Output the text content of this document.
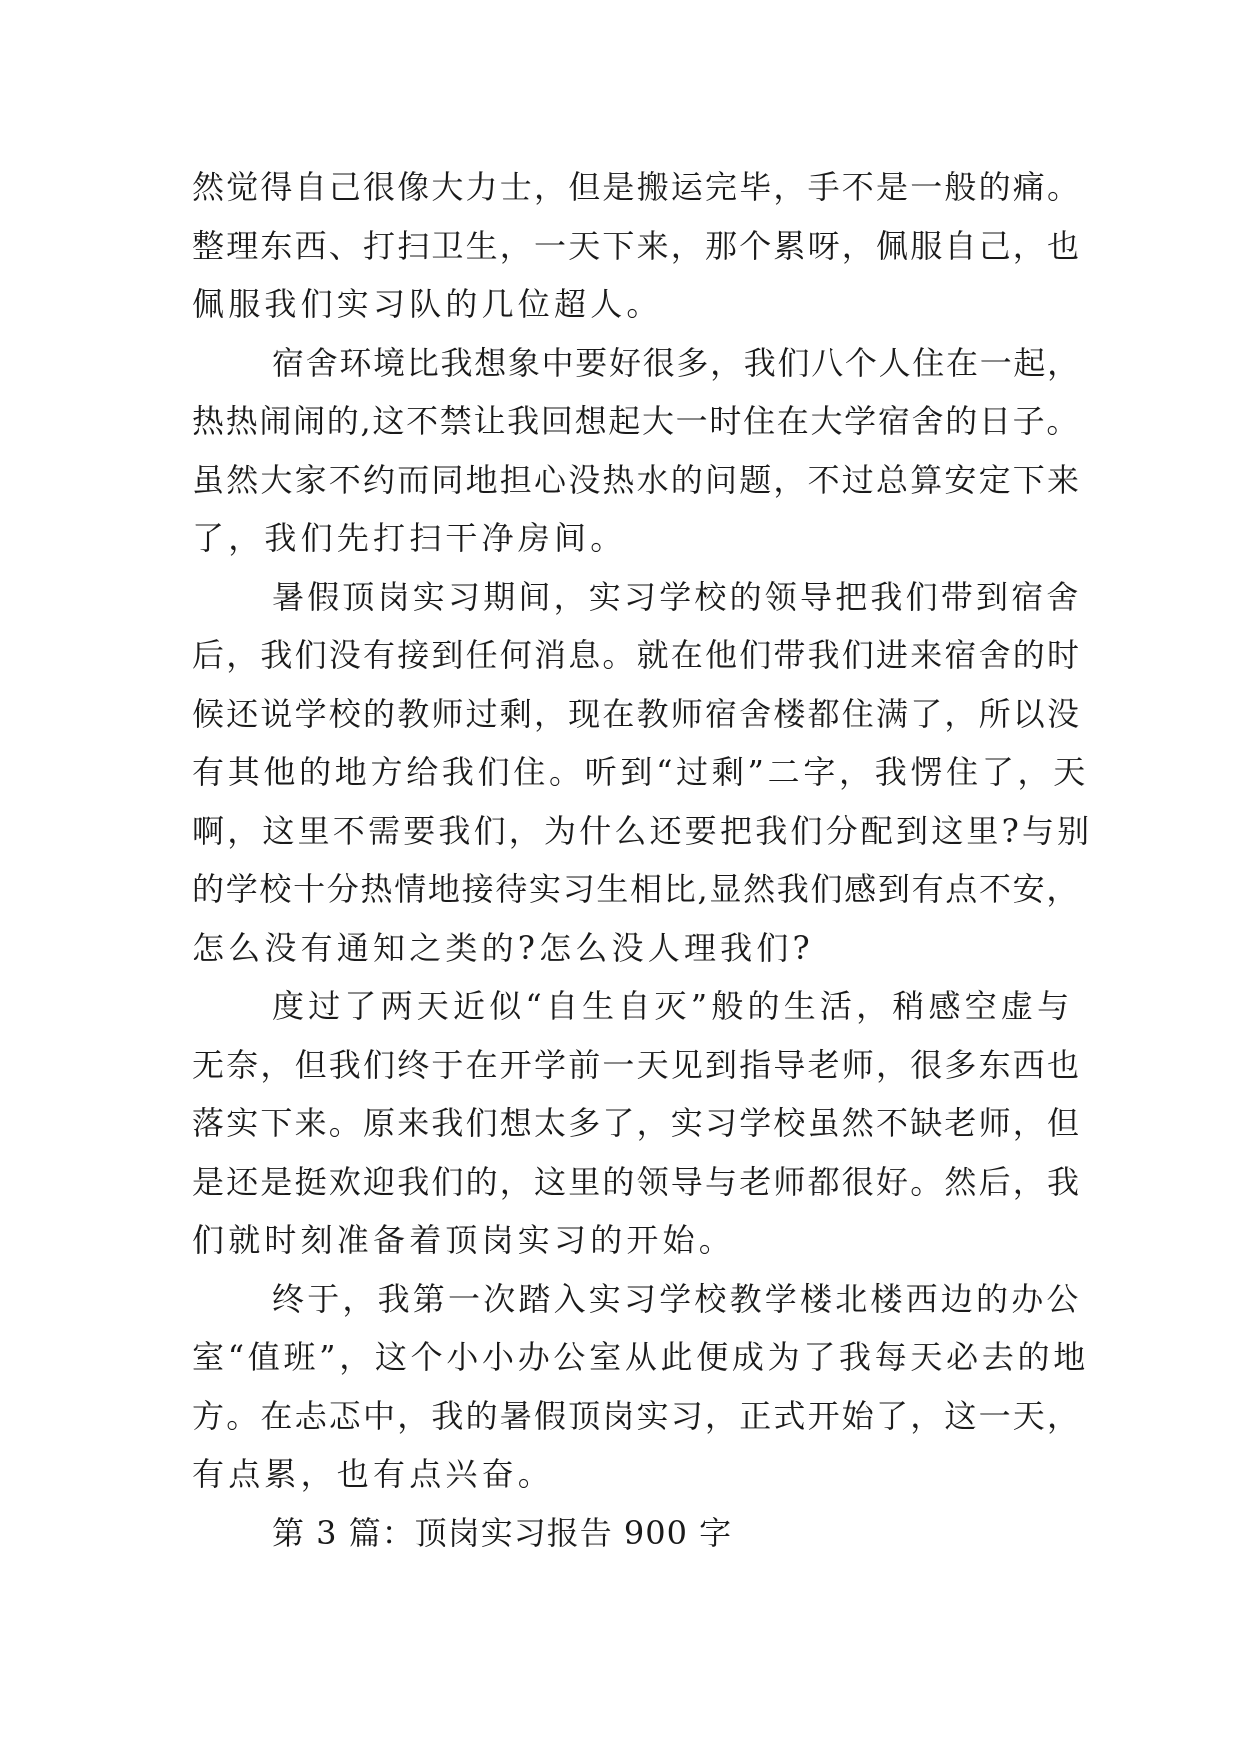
然觉得自己很像大力士，但是搬运完毕，手不是一般的痛。
整理东西、打扫卫生，一天下来，那个累呀，佩服自己，也
佩服我们实习队的几位超人。
宿舍环境比我想象中要好很多，我们八个人住在一起，
热热闹闹的,这不禁让我回想起大一时住在大学宿舍的日子。
虽然大家不约而同地担心没热水的问题，不过总算安定下来
了，我们先打扫干净房间。
暑假顶岗实习期间，实习学校的领导把我们带到宿舍
后，我们没有接到任何消息。就在他们带我们进来宿舍的时
候还说学校的教师过剩，现在教师宿舍楼都住满了，所以没
有其他的地方给我们住。听到“过剩”二字，我愣住了，天
啊，这里不需要我们，为什么还要把我们分配到这里?与别
的学校十分热情地接待实习生相比,显然我们感到有点不安，
怎么没有通知之类的?怎么没人理我们?
度过了两天近似“自生自灭”般的生活，稍感空虚与
无奈，但我们终于在开学前一天见到指导老师，很多东西也
落实下来。原来我们想太多了，实习学校虽然不缺老师，但
是还是挺欢迎我们的，这里的领导与老师都很好。然后，我
们就时刻准备着顶岗实习的开始。
终于，我第一次踏入实习学校教学楼北楼西边的办公
室“值班”，这个小小办公室从此便成为了我每天必去的地
方。在忐忑中，我的暑假顶岗实习，正式开始了，这一天，
有点累，也有点兴奋。
第 3 篇：顶岗实习报告 900 字
